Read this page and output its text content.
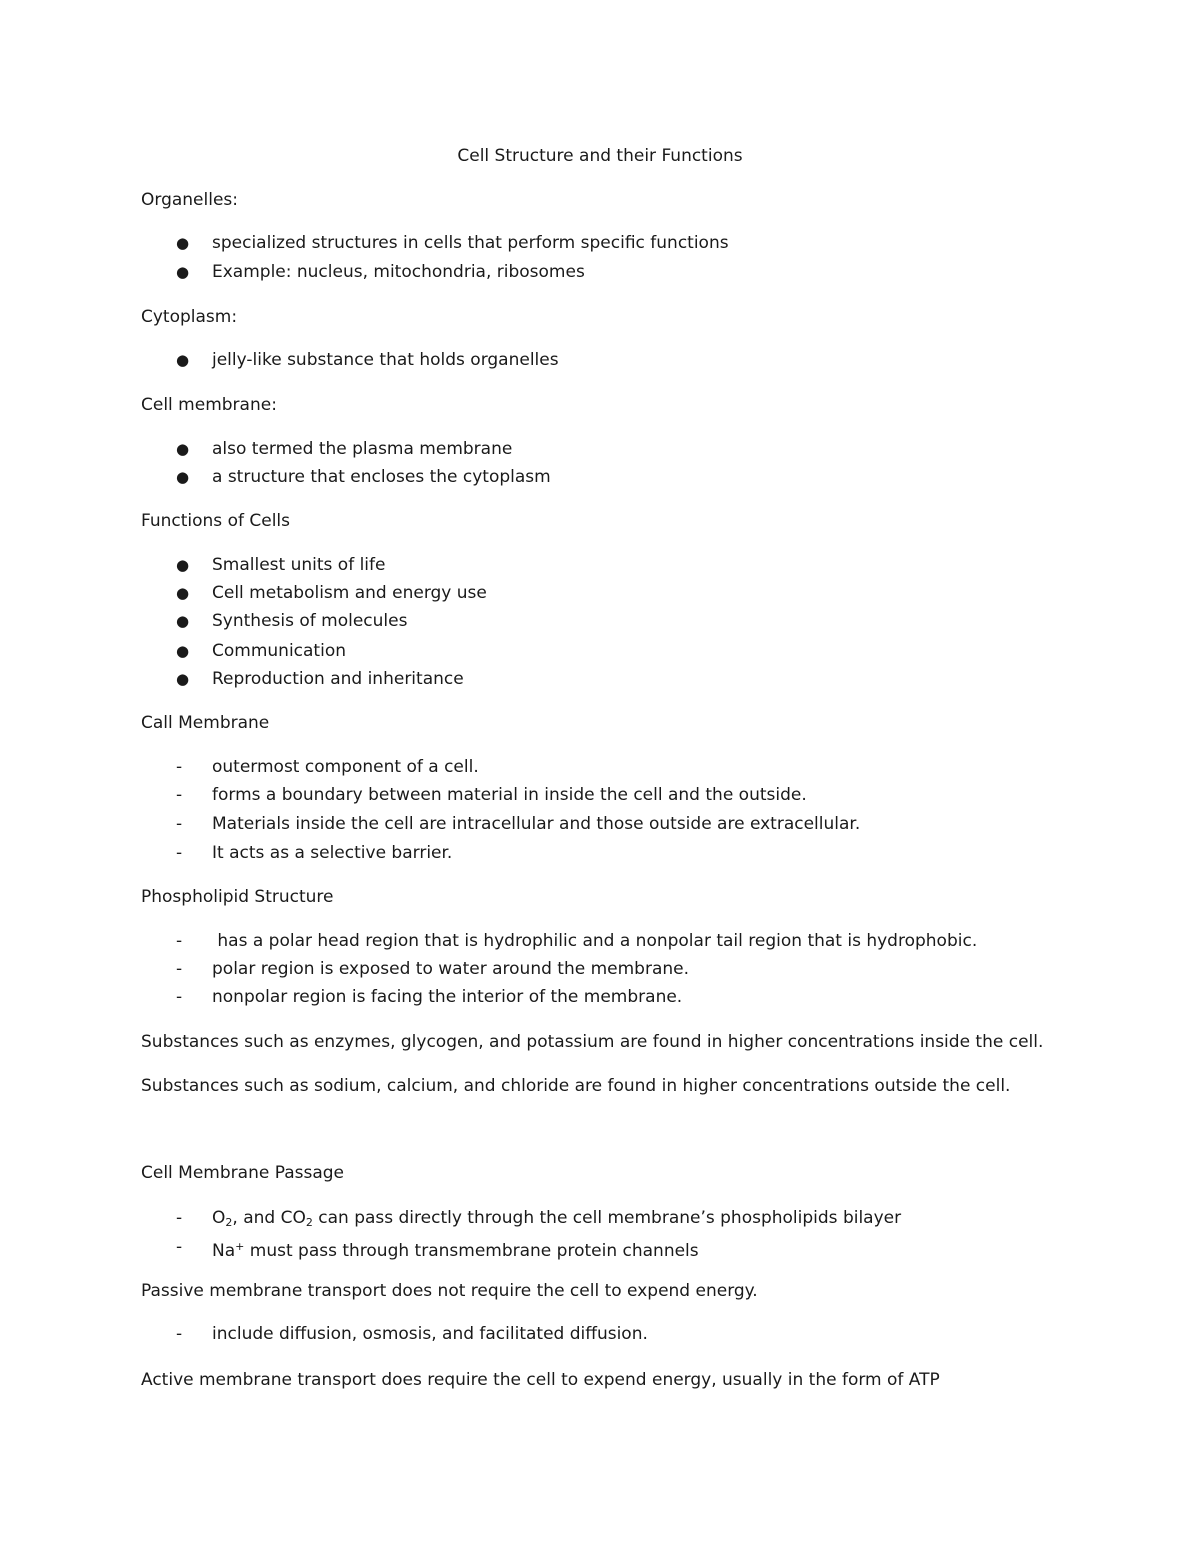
Cell Structure and their Functions
Organelles:
● specialized structures in cells that perform specific functions
● Example: nucleus, mitochondria, ribosomes
Cytoplasm:
● jelly-like substance that holds organelles
Cell membrane:
● also termed the plasma membrane
● a structure that encloses the cytoplasm
Functions of Cells
● Smallest units of life
● Cell metabolism and energy use
● Synthesis of molecules
● Communication
● Reproduction and inheritance
Call Membrane
- outermost component of a cell.
- forms a boundary between material in inside the cell and the outside.
- Materials inside the cell are intracellular and those outside are extracellular.
- It acts as a selective barrier.
Phospholipid Structure
- has a polar head region that is hydrophilic and a nonpolar tail region that is hydrophobic.
- polar region is exposed to water around the membrane.
- nonpolar region is facing the interior of the membrane.
Substances such as enzymes, glycogen, and potassium are found in higher concentrations inside the cell.
Substances such as sodium, calcium, and chloride are found in higher concentrations outside the cell.
Cell Membrane Passage
- $O_2$, and $CO_2$ can pass directly through the cell membrane’s phospholipids bilayer
- Na+ must pass through transmembrane protein channels
Passive membrane transport does not require the cell to expend energy.
- include diffusion, osmosis, and facilitated diffusion.
Active membrane transport does require the cell to expend energy, usually in the form of ATP
